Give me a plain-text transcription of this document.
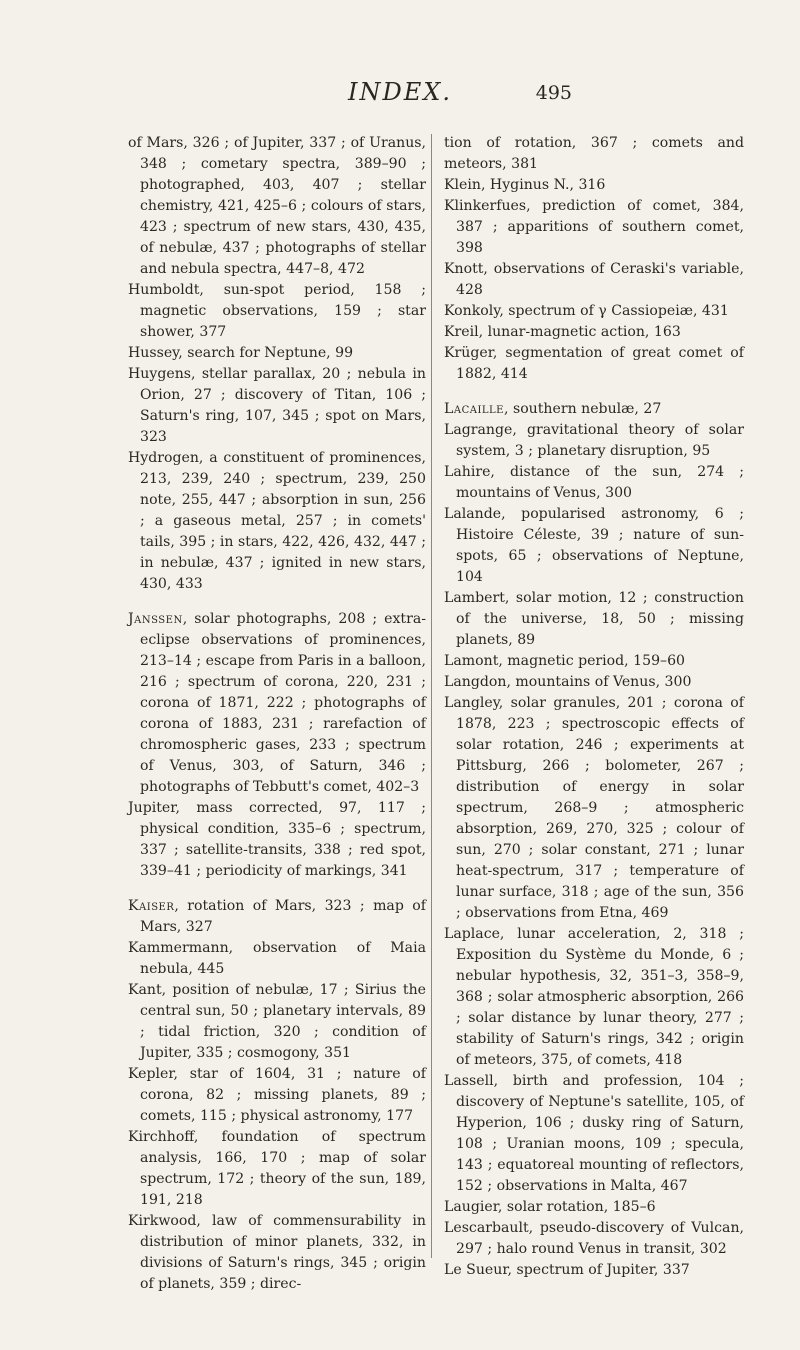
INDEX.	495

of Mars, 326 ; of Jupiter, 337 ; of Uranus, 348 ; cometary spectra, 389–90 ; photographed, 403, 407 ; stellar chemistry, 421, 425–6 ; colours of stars, 423 ; spectrum of new stars, 430, 435, of nebulæ, 437 ; photographs of stellar and nebula spectra, 447–8, 472

Humboldt, sun-spot period, 158 ; magnetic observations, 159 ; star shower, 377

Hussey, search for Neptune, 99

Huygens, stellar parallax, 20 ; nebula in Orion, 27 ; discovery of Titan, 106 ; Saturn's ring, 107, 345 ; spot on Mars, 323

Hydrogen, a constituent of prominences, 213, 239, 240 ; spectrum, 239, 250 note, 255, 447 ; absorption in sun, 256 ; a gaseous metal, 257 ; in comets' tails, 395 ; in stars, 422, 426, 432, 447 ; in nebulæ, 437 ; ignited in new stars, 430, 433

Janssen, solar photographs, 208 ; extra-eclipse observations of prominences, 213–14 ; escape from Paris in a balloon, 216 ; spectrum of corona, 220, 231 ; corona of 1871, 222 ; photographs of corona of 1883, 231 ; rarefaction of chromospheric gases, 233 ; spectrum of Venus, 303, of Saturn, 346 ; photographs of Tebbutt's comet, 402–3

Jupiter, mass corrected, 97, 117 ; physical condition, 335–6 ; spectrum, 337 ; satellite-transits, 338 ; red spot, 339–41 ; periodicity of markings, 341

Kaiser, rotation of Mars, 323 ; map of Mars, 327

Kammermann, observation of Maia nebula, 445

Kant, position of nebulæ, 17 ; Sirius the central sun, 50 ; planetary intervals, 89 ; tidal friction, 320 ; condition of Jupiter, 335 ; cosmogony, 351

Kepler, star of 1604, 31 ; nature of corona, 82 ; missing planets, 89 ; comets, 115 ; physical astronomy, 177

Kirchhoff, foundation of spectrum analysis, 166, 170 ; map of solar spectrum, 172 ; theory of the sun, 189, 191, 218

Kirkwood, law of commensurability in distribution of minor planets, 332, in divisions of Saturn's rings, 345 ; origin of planets, 359 ; direc-

tion of rotation, 367 ; comets and meteors, 381

Klein, Hyginus N., 316

Klinkerfues, prediction of comet, 384, 387 ; apparitions of southern comet, 398

Knott, observations of Ceraski's variable, 428

Konkoly, spectrum of γ Cassiopeiæ, 431

Kreil, lunar-magnetic action, 163

Krüger, segmentation of great comet of 1882, 414

Lacaille, southern nebulæ, 27

Lagrange, gravitational theory of solar system, 3 ; planetary disruption, 95

Lahire, distance of the sun, 274 ; mountains of Venus, 300

Lalande, popularised astronomy, 6 ; Histoire Céleste, 39 ; nature of sun-spots, 65 ; observations of Neptune, 104

Lambert, solar motion, 12 ; construction of the universe, 18, 50 ; missing planets, 89

Lamont, magnetic period, 159–60

Langdon, mountains of Venus, 300

Langley, solar granules, 201 ; corona of 1878, 223 ; spectroscopic effects of solar rotation, 246 ; experiments at Pittsburg, 266 ; bolometer, 267 ; distribution of energy in solar spectrum, 268–9 ; atmospheric absorption, 269, 270, 325 ; colour of sun, 270 ; solar constant, 271 ; lunar heat-spectrum, 317 ; temperature of lunar surface, 318 ; age of the sun, 356 ; observations from Etna, 469

Laplace, lunar acceleration, 2, 318 ; Exposition du Système du Monde, 6 ; nebular hypothesis, 32, 351–3, 358–9, 368 ; solar atmospheric absorption, 266 ; solar distance by lunar theory, 277 ; stability of Saturn's rings, 342 ; origin of meteors, 375, of comets, 418

Lassell, birth and profession, 104 ; discovery of Neptune's satellite, 105, of Hyperion, 106 ; dusky ring of Saturn, 108 ; Uranian moons, 109 ; specula, 143 ; equatoreal mounting of reflectors, 152 ; observations in Malta, 467

Laugier, solar rotation, 185–6

Lescarbault, pseudo-discovery of Vulcan, 297 ; halo round Venus in transit, 302

Le Sueur, spectrum of Jupiter, 337
